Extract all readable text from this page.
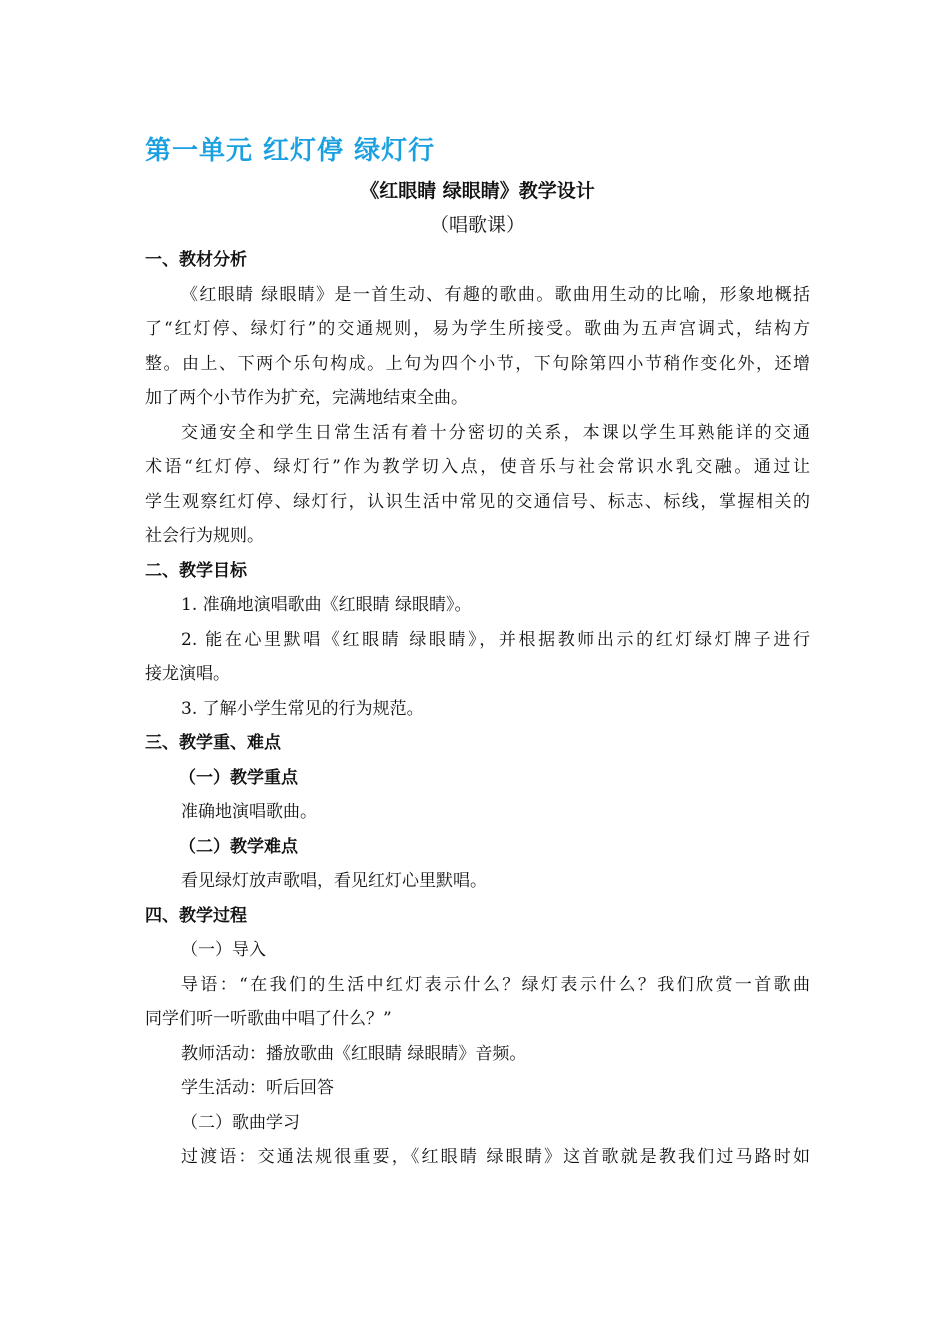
第一单元 红灯停 绿灯行
《红眼睛 绿眼睛》教学设计
（唱歌课）
一、教材分析
《红眼睛 绿眼睛》是一首生动、有趣的歌曲。歌曲用生动的比喻，形象地概括
了“红灯停、绿灯行”的交通规则，易为学生所接受。歌曲为五声宫调式，结构方
整。由上、下两个乐句构成。上句为四个小节，下句除第四小节稍作变化外，还增
加了两个小节作为扩充，完满地结束全曲。
交通安全和学生日常生活有着十分密切的关系，本课以学生耳熟能详的交通
术语“红灯停、绿灯行”作为教学切入点，使音乐与社会常识水乳交融。通过让
学生观察红灯停、绿灯行，认识生活中常见的交通信号、标志、标线，掌握相关的
社会行为规则。
二、教学目标
1. 准确地演唱歌曲《红眼睛 绿眼睛》。
2. 能在心里默唱《红眼睛 绿眼睛》，并根据教师出示的红灯绿灯牌子进行
接龙演唱。
3. 了解小学生常见的行为规范。
三、教学重、难点
（一）教学重点
准确地演唱歌曲。
（二）教学难点
看见绿灯放声歌唱，看见红灯心里默唱。
四、教学过程
（一）导入
导语：“在我们的生活中红灯表示什么？绿灯表示什么？我们欣赏一首歌曲
同学们听一听歌曲中唱了什么？”
教师活动：播放歌曲《红眼睛 绿眼睛》音频。
学生活动：听后回答
（二）歌曲学习
过渡语：交通法规很重要，《红眼睛 绿眼睛》这首歌就是教我们过马路时如
